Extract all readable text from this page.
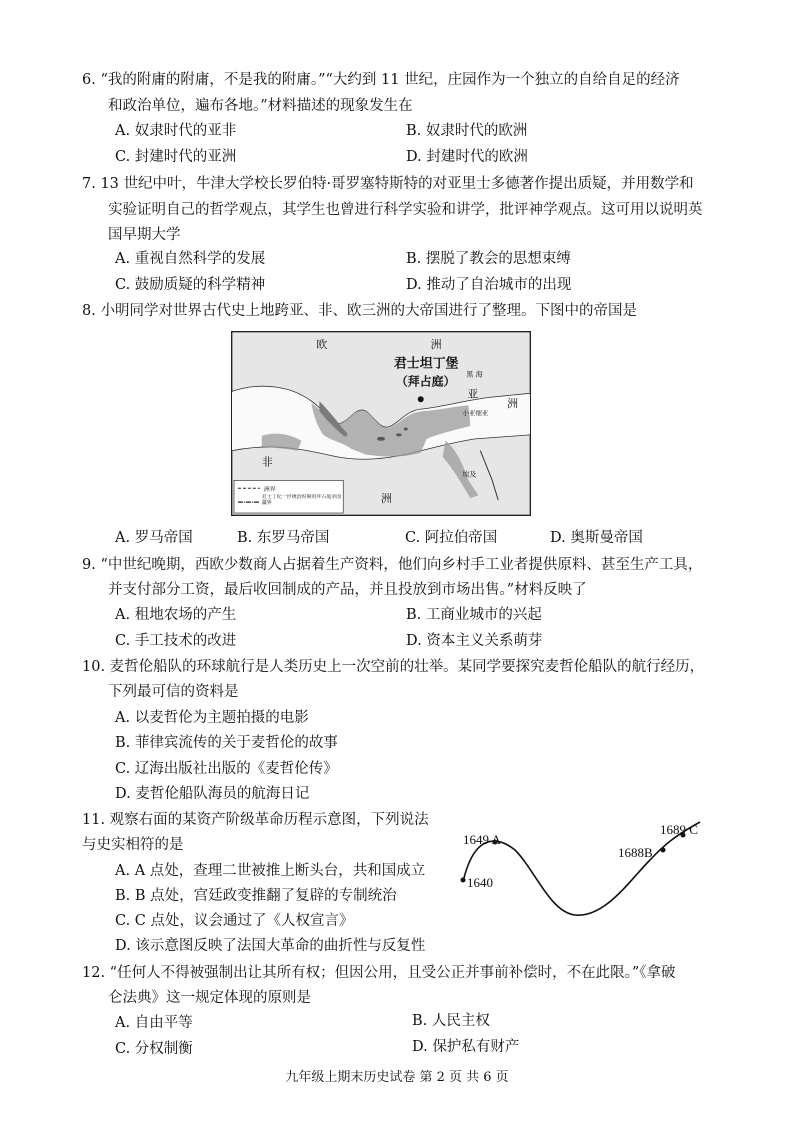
6. “我的附庸的附庸，不是我的附庸。”“大约到 11 世纪，庄园作为一个独立的自给自足的经济
和政治单位，遍布各地。”材料描述的现象发生在
A. 奴隶时代的亚非	B. 奴隶时代的欧洲
C. 封建时代的亚洲	D. 封建时代的欧洲
7. 13 世纪中叶，牛津大学校长罗伯特·哥罗塞特斯特的对亚里士多德著作提出质疑，并用数学和
实验证明自己的哲学观点，其学生也曾进行科学实验和讲学，批评神学观点。这可用以说明英
国早期大学
A. 重视自然科学的发展	B. 摆脱了教会的思想束缚
C. 鼓励质疑的科学精神	D. 推动了自治城市的出现
8. 小明同学对世界古代史上地跨亚、非、欧三洲的大帝国进行了整理。下图中的帝国是
欧	洲
君士坦丁堡
（拜占庭） 黑 海
亚
洲
小亚细亚
非
洲
埃及
洲界
君士丁纪一世统治时期的拜占庭帝国疆界
A. 罗马帝国	B. 东罗马帝国	C. 阿拉伯帝国	D. 奥斯曼帝国
9. “中世纪晚期，西欧少数商人占据着生产资料，他们向乡村手工业者提供原料、甚至生产工具，
并支付部分工资，最后收回制成的产品，并且投放到市场出售。”材料反映了
A. 租地农场的产生	B. 工商业城市的兴起
C. 手工技术的改进	D. 资本主义关系萌芽
10. 麦哲伦船队的环球航行是人类历史上一次空前的壮举。某同学要探究麦哲伦船队的航行经历，
下列最可信的资料是
A. 以麦哲伦为主题拍摄的电影
B. 菲律宾流传的关于麦哲伦的故事
C. 辽海出版社出版的《麦哲伦传》
D. 麦哲伦船队海员的航海日记
11. 观察右面的某资产阶级革命历程示意图，下列说法
与史实相符的是
A. A 点处，查理二世被推上断头台，共和国成立
B. B 点处，宫廷政变推翻了复辟的专制统治
C. C 点处，议会通过了《人权宣言》
D. 该示意图反映了法国大革命的曲折性与反复性
1640
1649 A
1688B
1689 C
12. “任何人不得被强制出让其所有权；但因公用，且受公正并事前补偿时，不在此限。”《拿破
仑法典》这一规定体现的原则是
A. 自由平等	B. 人民主权
C. 分权制衡	D. 保护私有财产
九年级上期末历史试卷 第 2 页 共 6 页
